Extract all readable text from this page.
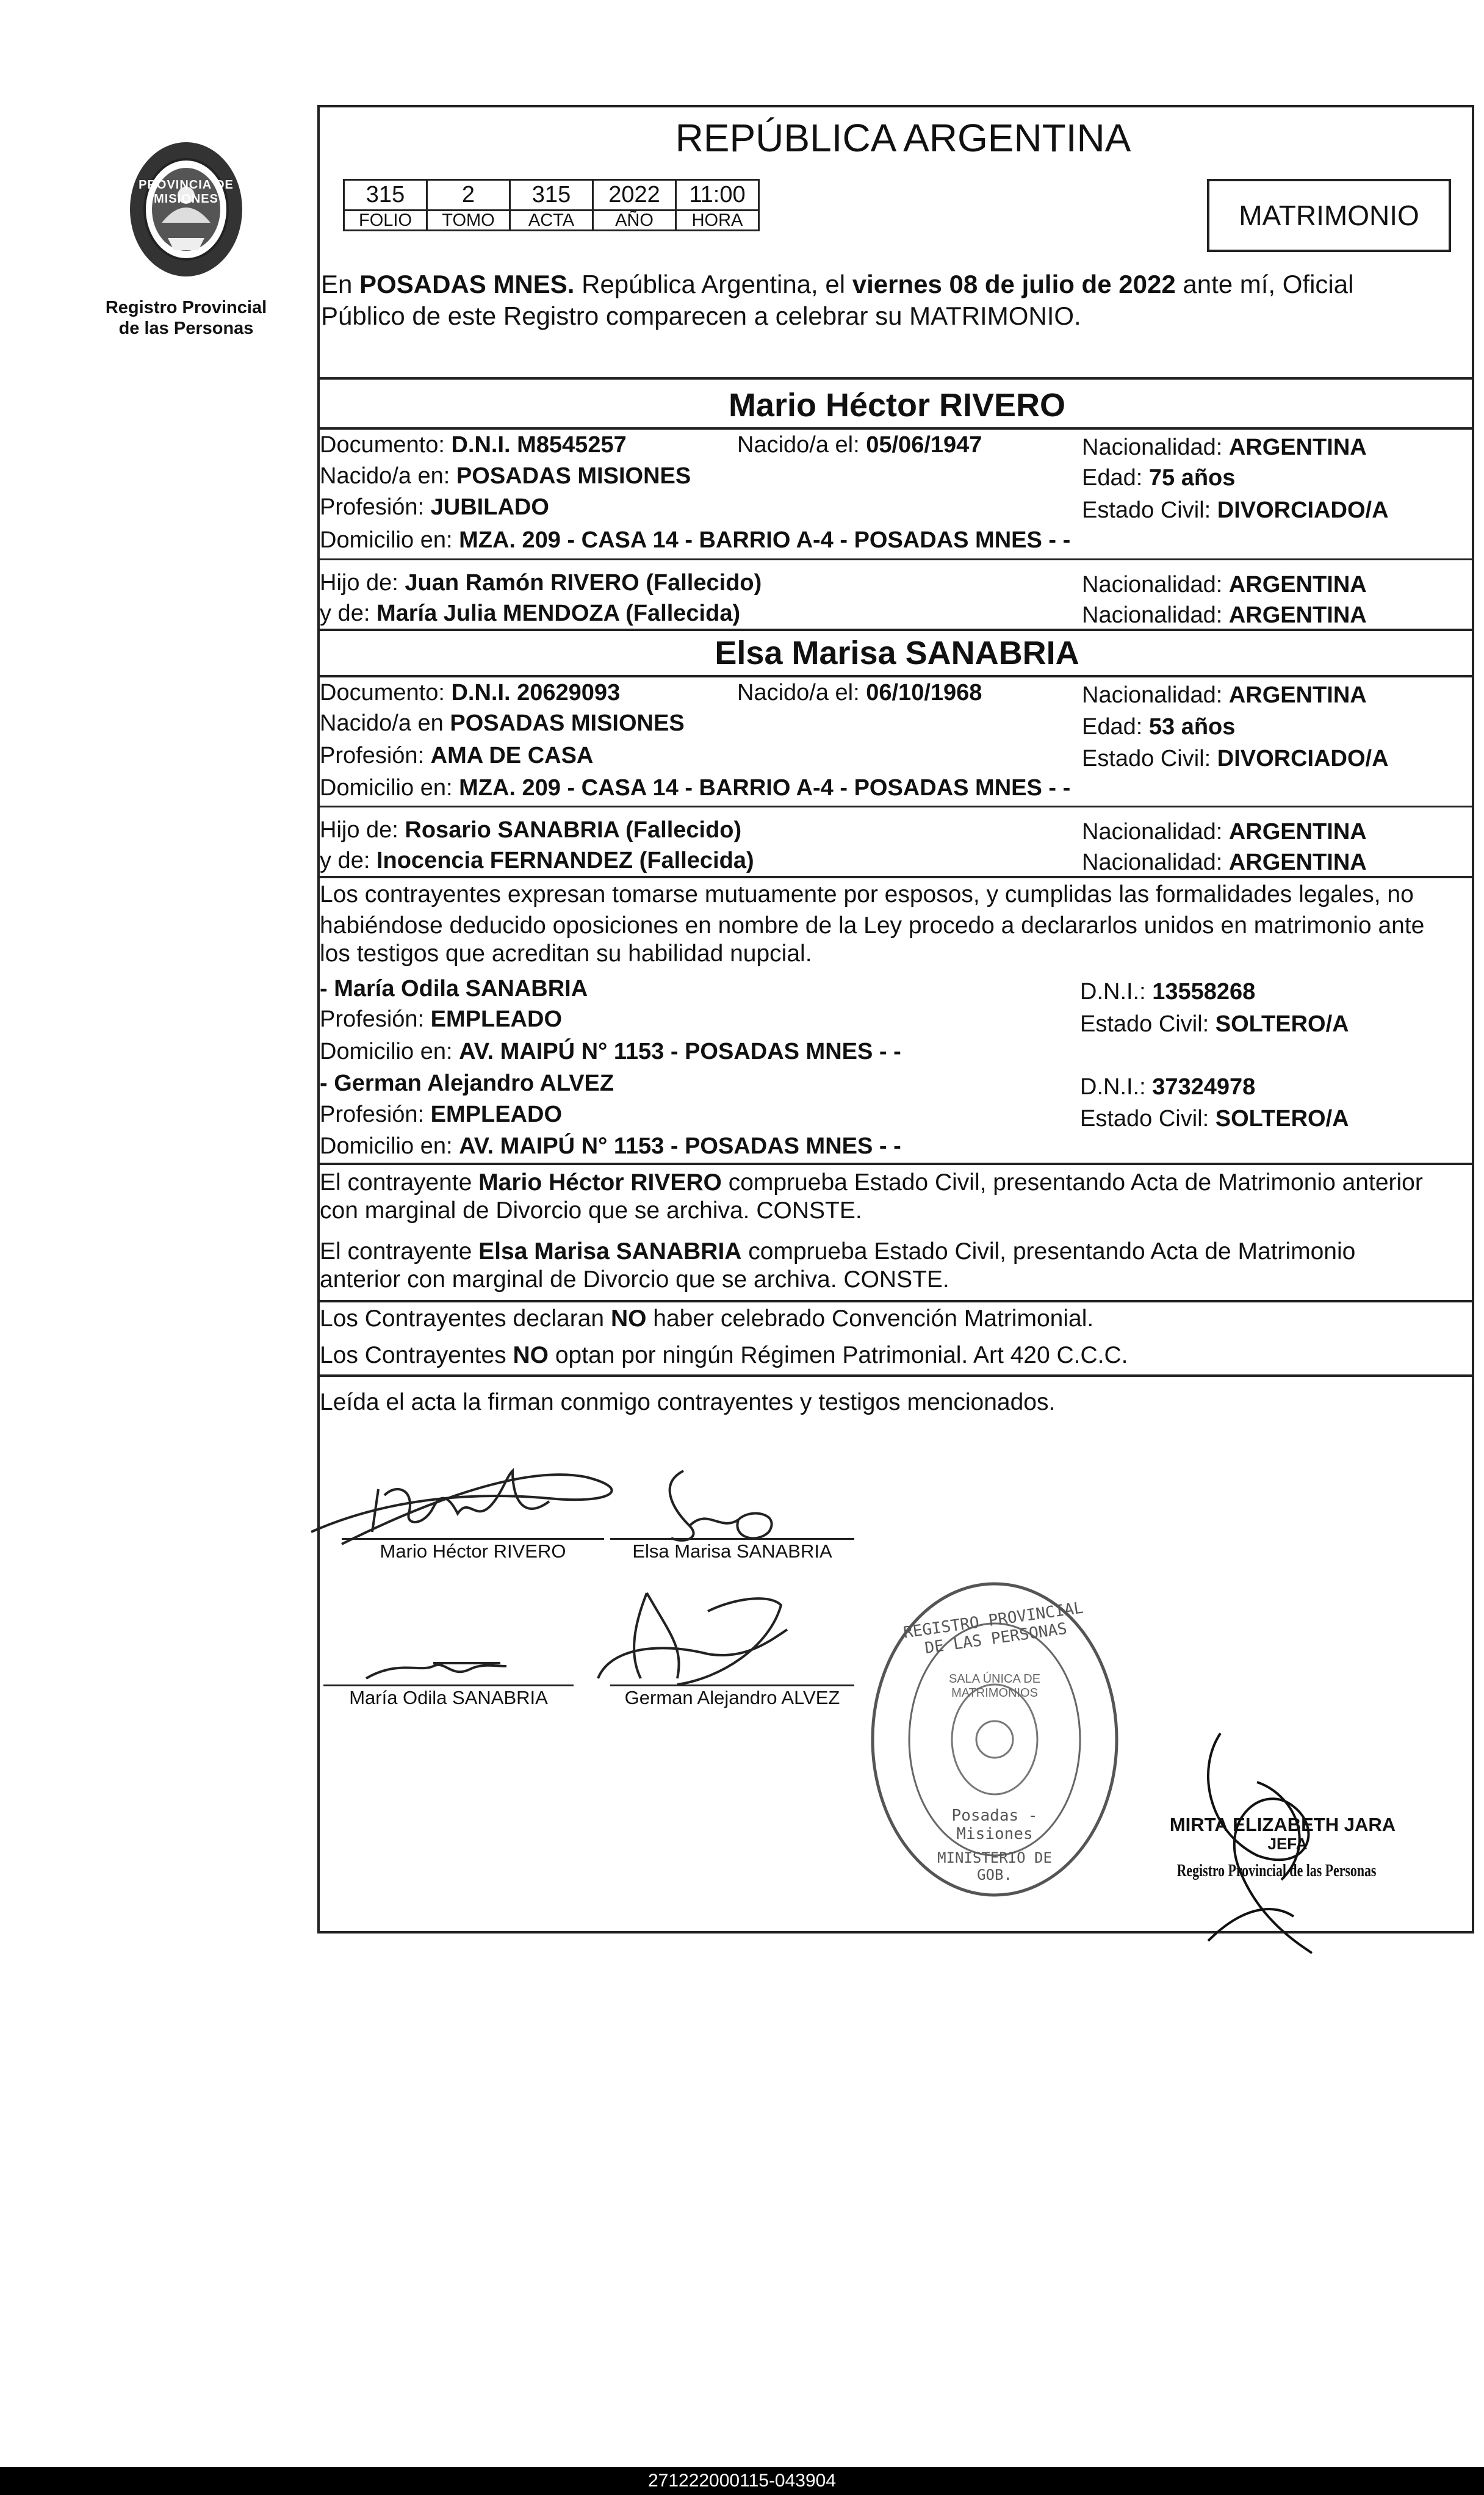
PROVINCIA DE MISIONES
Registro Provincial
de las Personas
REPÚBLICA ARGENTINA
315	2	315	2022	11:00
FOLIO	TOMO	ACTA	AÑO	HORA	MATRIMONIO
En POSADAS MNES. República Argentina, el viernes 08 de julio de 2022 ante mí, Oficial
Público de este Registro comparecen a celebrar su MATRIMONIO.
Mario Héctor RIVERO
Documento: D.N.I. M8545257	Nacido/a el: 05/06/1947	Nacionalidad: ARGENTINA
Nacido/a en: POSADAS MISIONES	Edad: 75 años
Profesión: JUBILADO	Estado Civil: DIVORCIADO/A
Domicilio en: MZA. 209 - CASA 14 - BARRIO A-4 - POSADAS MNES - -
Hijo de: Juan Ramón RIVERO (Fallecido)	Nacionalidad: ARGENTINA
y de: María Julia MENDOZA (Fallecida)	Nacionalidad: ARGENTINA
Elsa Marisa SANABRIA
Documento: D.N.I. 20629093	Nacido/a el: 06/10/1968	Nacionalidad: ARGENTINA
Nacido/a en POSADAS MISIONES	Edad: 53 años
Profesión: AMA DE CASA	Estado Civil: DIVORCIADO/A
Domicilio en: MZA. 209 - CASA 14 - BARRIO A-4 - POSADAS MNES - -
Hijo de: Rosario SANABRIA (Fallecido)	Nacionalidad: ARGENTINA
y de: Inocencia FERNANDEZ (Fallecida)	Nacionalidad: ARGENTINA
Los contrayentes expresan tomarse mutuamente por esposos, y cumplidas las formalidades legales, no
habiéndose deducido oposiciones en nombre de la Ley procedo a declararlos unidos en matrimonio ante
los testigos que acreditan su habilidad nupcial.
- María Odila SANABRIA	D.N.I.: 13558268
Profesión: EMPLEADO	Estado Civil: SOLTERO/A
Domicilio en: AV. MAIPÚ N° 1153 - POSADAS MNES - -
- German Alejandro ALVEZ	D.N.I.: 37324978
Profesión: EMPLEADO	Estado Civil: SOLTERO/A
Domicilio en: AV. MAIPÚ N° 1153 - POSADAS MNES - -
El contrayente Mario Héctor RIVERO comprueba Estado Civil, presentando Acta de Matrimonio anterior
con marginal de Divorcio que se archiva. CONSTE.
El contrayente Elsa Marisa SANABRIA comprueba Estado Civil, presentando Acta de Matrimonio
anterior con marginal de Divorcio que se archiva. CONSTE.
Los Contrayentes declaran NO haber celebrado Convención Matrimonial.
Los Contrayentes NO optan por ningún Régimen Patrimonial. Art 420 C.C.C.
Leída el acta la firman conmigo contrayentes y testigos mencionados.
Mario Héctor RIVERO	Elsa Marisa SANABRIA
María Odila SANABRIA	German Alejandro ALVEZ
REGISTRO PROVINCIAL DE LAS PERSONAS
SALA ÚNICA DE MATRIMONIOS
Posadas - Misiones
MINISTERIO DE GOB.
MIRTA ELIZABETH JARA
JEFA
Registro Provincial de las Personas
271222000115-043904
